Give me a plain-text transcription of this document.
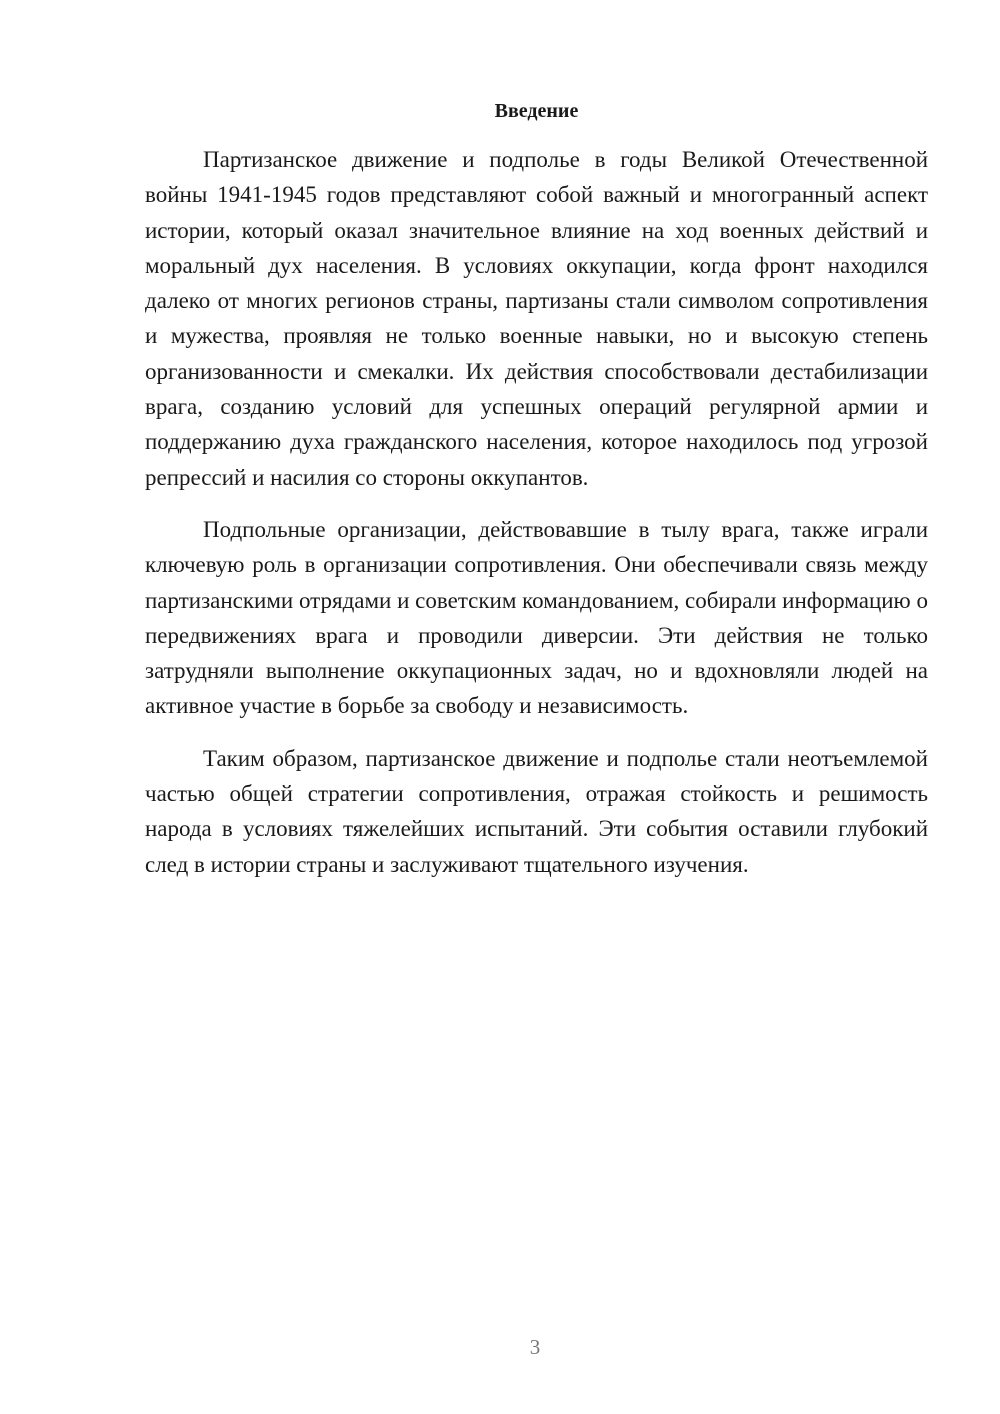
Введение

Партизанское движение и подполье в годы Великой Отечественной войны 1941-1945 годов представляют собой важный и многогранный аспект истории, который оказал значительное влияние на ход военных действий и моральный дух населения. В условиях оккупации, когда фронт находился далеко от многих регионов страны, партизаны стали символом сопротивления и мужества, проявляя не только военные навыки, но и высокую степень организованности и смекалки. Их действия способствовали дестабилизации врага, созданию условий для успешных операций регулярной армии и поддержанию духа гражданского населения, которое находилось под угрозой репрессий и насилия со стороны оккупантов.

Подпольные организации, действовавшие в тылу врага, также играли ключевую роль в организации сопротивления. Они обеспечивали связь между партизанскими отрядами и советским командованием, собирали информацию о передвижениях врага и проводили диверсии. Эти действия не только затрудняли выполнение оккупационных задач, но и вдохновляли людей на активное участие в борьбе за свободу и независимость.

Таким образом, партизанское движение и подполье стали неотъемлемой частью общей стратегии сопротивления, отражая стойкость и решимость народа в условиях тяжелейших испытаний. Эти события оставили глубокий след в истории страны и заслуживают тщательного изучения.

3
